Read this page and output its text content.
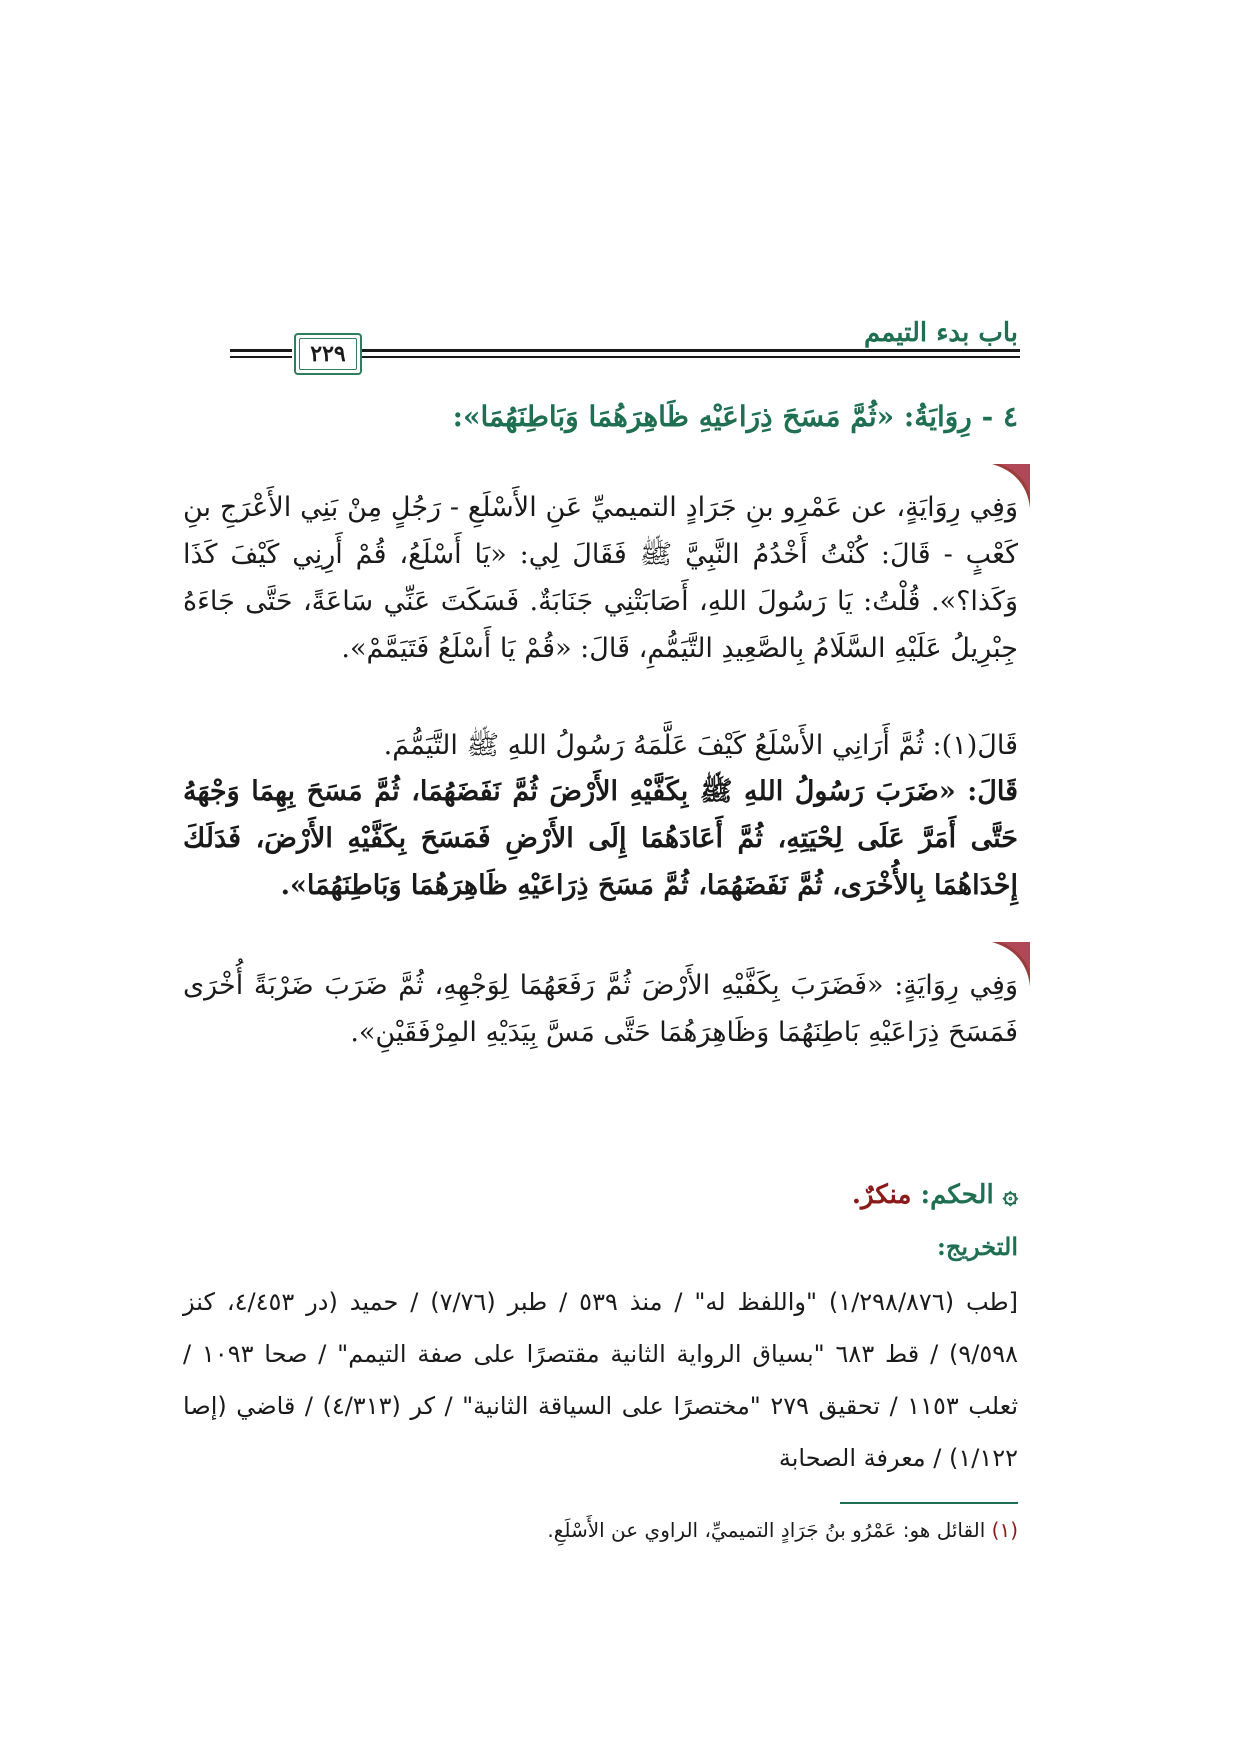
باب بدء التيمم
٢٢٩
٤ - رِوَايَةُ: «ثُمَّ مَسَحَ ذِرَاعَيْهِ ظَاهِرَهُمَا وَبَاطِنَهُمَا»:
وَفِي رِوَايَةٍ، عن عَمْرِو بنِ جَرَادٍ التميميِّ عَنِ الأَسْلَعِ - رَجُلٍ مِنْ بَنِي الأَعْرَجِ بنِ كَعْبٍ - قَالَ: كُنْتُ أَخْدُمُ النَّبِيَّ ﷺ فَقَالَ لِي: «يَا أَسْلَعُ، قُمْ أَرِنِي كَيْفَ كَذَا وَكَذا؟». قُلْتُ: يَا رَسُولَ اللهِ، أَصَابَتْنِي جَنَابَةٌ. فَسَكَتَ عَنِّي سَاعَةً، حَتَّى جَاءَهُ جِبْرِيلُ عَلَيْهِ السَّلَامُ بِالصَّعِيدِ التَّيَمُّمِ، قَالَ: «قُمْ يَا أَسْلَعُ فَتَيَمَّمْ».
قَالَ(١): ثُمَّ أَرَانِي الأَسْلَعُ كَيْفَ عَلَّمَهُ رَسُولُ اللهِ ﷺ التَّيَمُّمَ.
قَالَ: «ضَرَبَ رَسُولُ اللهِ ﷺ بِكَفَّيْهِ الأَرْضَ ثُمَّ نَفَضَهُمَا، ثُمَّ مَسَحَ بِهِمَا وَجْهَهُ حَتَّى أَمَرَّ عَلَى لِحْيَتِهِ، ثُمَّ أَعَادَهُمَا إِلَى الأَرْضِ فَمَسَحَ بِكَفَّيْهِ الأَرْضَ، فَدَلَكَ إِحْدَاهُمَا بِالأُخْرَى، ثُمَّ نَفَضَهُمَا، ثُمَّ مَسَحَ ذِرَاعَيْهِ ظَاهِرَهُمَا وَبَاطِنَهُمَا».
وَفِي رِوَايَةٍ: «فَضَرَبَ بِكَفَّيْهِ الأَرْضَ ثُمَّ رَفَعَهُمَا لِوَجْهِهِ، ثُمَّ ضَرَبَ ضَرْبَةً أُخْرَى فَمَسَحَ ذِرَاعَيْهِ بَاطِنَهُمَا وَظَاهِرَهُمَا حَتَّى مَسَّ بِيَدَيْهِ المِرْفَقَيْنِ».
۞ الحكم: منكرٌ.
التخريج:
[طب (١/٢٩٨/٨٧٦) "واللفظ له" / منذ ٥٣٩ / طبر (٧/٧٦) / حميد (در ٤/٤٥٣، كنز ٩/٥٩٨) / قط ٦٨٣ "بسياق الرواية الثانية مقتصرًا على صفة التيمم" / صحا ١٠٩٣ / ثعلب ١١٥٣ / تحقيق ٢٧٩ "مختصرًا على السياقة الثانية" / كر (٤/٣١٣) / قاضي (إصا ١/١٢٢) / معرفة الصحابة
(١) القائل هو: عَمْرُو بنُ جَرَادٍ التميميِّ، الراوي عن الأَسْلَعِ.
